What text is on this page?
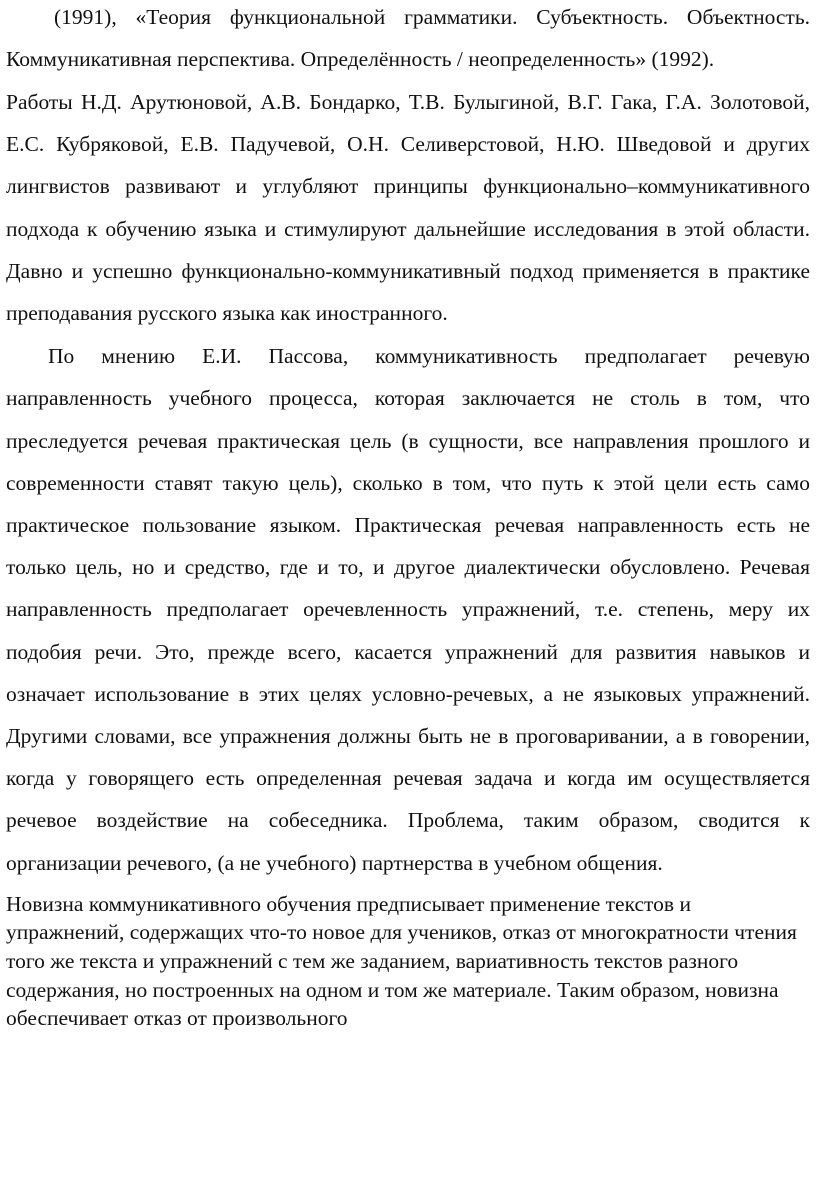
(1991), «Теория функциональной грамматики. Субъектность. Объектность. Коммуникативная перспектива. Определённость / неопределенность» (1992).

Работы Н.Д. Арутюновой, А.В. Бондарко, Т.В. Булыгиной, В.Г. Гака, Г.А. Золотовой, Е.С. Кубряковой, Е.В. Падучевой, О.Н. Селиверстовой, Н.Ю. Шведовой и других лингвистов развивают и углубляют принципы функционально–коммуникативного подхода к обучению языка и стимулируют дальнейшие исследования в этой области. Давно и успешно функционально-коммуникативный подход применяется в практике преподавания русского языка как иностранного.

По мнению Е.И. Пассова, коммуникативность предполагает речевую направленность учебного процесса, которая заключается не столь в том, что преследуется речевая практическая цель (в сущности, все направления прошлого и современности ставят такую цель), сколько в том, что путь к этой цели есть само практическое пользование языком. Практическая речевая направленность есть не только цель, но и средство, где и то, и другое диалектически обусловлено. Речевая направленность предполагает оречевленность упражнений, т.е. степень, меру их подобия речи. Это, прежде всего, касается упражнений для развития навыков и означает использование в этих целях условно-речевых, а не языковых упражнений. Другими словами, все упражнения должны быть не в проговаривании, а в говорении, когда у говорящего есть определенная речевая задача и когда им осуществляется речевое воздействие на собеседника. Проблема, таким образом, сводится к организации речевого, (а не учебного) партнерства в учебном общения.

Новизна коммуникативного обучения предписывает применение текстов и упражнений, содержащих что-то новое для учеников, отказ от многократности чтения того же текста и упражнений с тем же заданием, вариативность текстов разного содержания, но построенных на одном и том же материале. Таким образом, новизна обеспечивает отказ от произвольного
